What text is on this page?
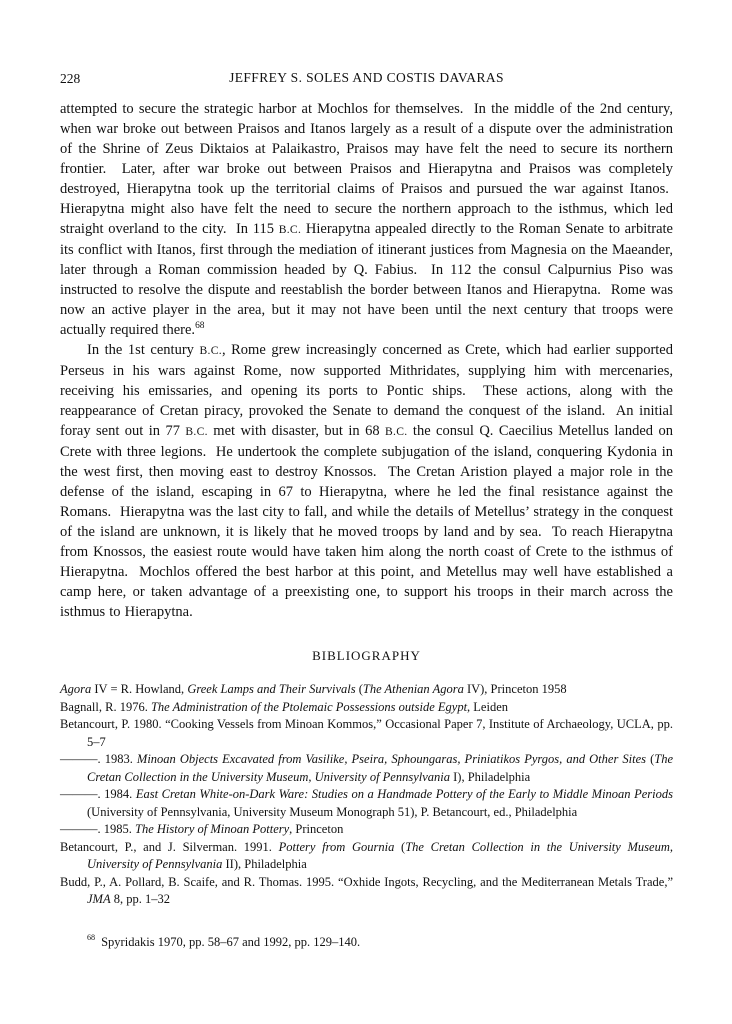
228	JEFFREY S. SOLES AND COSTIS DAVARAS

attempted to secure the strategic harbor at Mochlos for themselves.  In the middle of the 2nd century, when war broke out between Praisos and Itanos largely as a result of a dispute over the administration of the Shrine of Zeus Diktaios at Palaikastro, Praisos may have felt the need to secure its northern frontier.  Later, after war broke out between Praisos and Hierapytna and Praisos was completely destroyed, Hierapytna took up the territorial claims of Praisos and pursued the war against Itanos.  Hierapytna might also have felt the need to secure the northern approach to the isthmus, which led straight overland to the city.  In 115 B.C. Hierapytna appealed directly to the Roman Senate to arbitrate its conflict with Itanos, first through the mediation of itinerant justices from Magnesia on the Maeander, later through a Roman commission headed by Q. Fabius.  In 112 the consul Calpurnius Piso was instructed to resolve the dispute and reestablish the border between Itanos and Hierapytna.  Rome was now an active player in the area, but it may not have been until the next century that troops were actually required there.$^{68}$

In the 1st century B.C., Rome grew increasingly concerned as Crete, which had earlier supported Perseus in his wars against Rome, now supported Mithridates, supplying him with mercenaries, receiving his emissaries, and opening its ports to Pontic ships.  These actions, along with the reappearance of Cretan piracy, provoked the Senate to demand the conquest of the island.  An initial foray sent out in 77 B.C. met with disaster, but in 68 B.C. the consul Q. Caecilius Metellus landed on Crete with three legions.  He undertook the complete subjugation of the island, conquering Kydonia in the west first, then moving east to destroy Knossos.  The Cretan Aristion played a major role in the defense of the island, escaping in 67 to Hierapytna, where he led the final resistance against the Romans.  Hierapytna was the last city to fall, and while the details of Metellus’ strategy in the conquest of the island are unknown, it is likely that he moved troops by land and by sea.  To reach Hierapytna from Knossos, the easiest route would have taken him along the north coast of Crete to the isthmus of Hierapytna.  Mochlos offered the best harbor at this point, and Metellus may well have established a camp here, or taken advantage of a preexisting one, to support his troops in their march across the isthmus to Hierapytna.

BIBLIOGRAPHY

Agora IV = R. Howland, Greek Lamps and Their Survivals (The Athenian Agora IV), Princeton 1958

Bagnall, R. 1976. The Administration of the Ptolemaic Possessions outside Egypt, Leiden

Betancourt, P. 1980. “Cooking Vessels from Minoan Kommos,” Occasional Paper 7, Institute of Archaeology, UCLA, pp. 5–7

———. 1983. Minoan Objects Excavated from Vasilike, Pseira, Sphoungaras, Priniatikos Pyrgos, and Other Sites (The Cretan Collection in the University Museum, University of Pennsylvania I), Philadelphia

———. 1984. East Cretan White-on-Dark Ware: Studies on a Handmade Pottery of the Early to Middle Minoan Periods (University of Pennsylvania, University Museum Monograph 51), P. Betancourt, ed., Philadelphia

———. 1985. The History of Minoan Pottery, Princeton

Betancourt, P., and J. Silverman. 1991. Pottery from Gournia (The Cretan Collection in the University Museum, University of Pennsylvania II), Philadelphia

Budd, P., A. Pollard, B. Scaife, and R. Thomas. 1995. “Oxhide Ingots, Recycling, and the Mediterranean Metals Trade,” JMA 8, pp. 1–32

$^{68}$ Spyridakis 1970, pp. 58–67 and 1992, pp. 129–140.
